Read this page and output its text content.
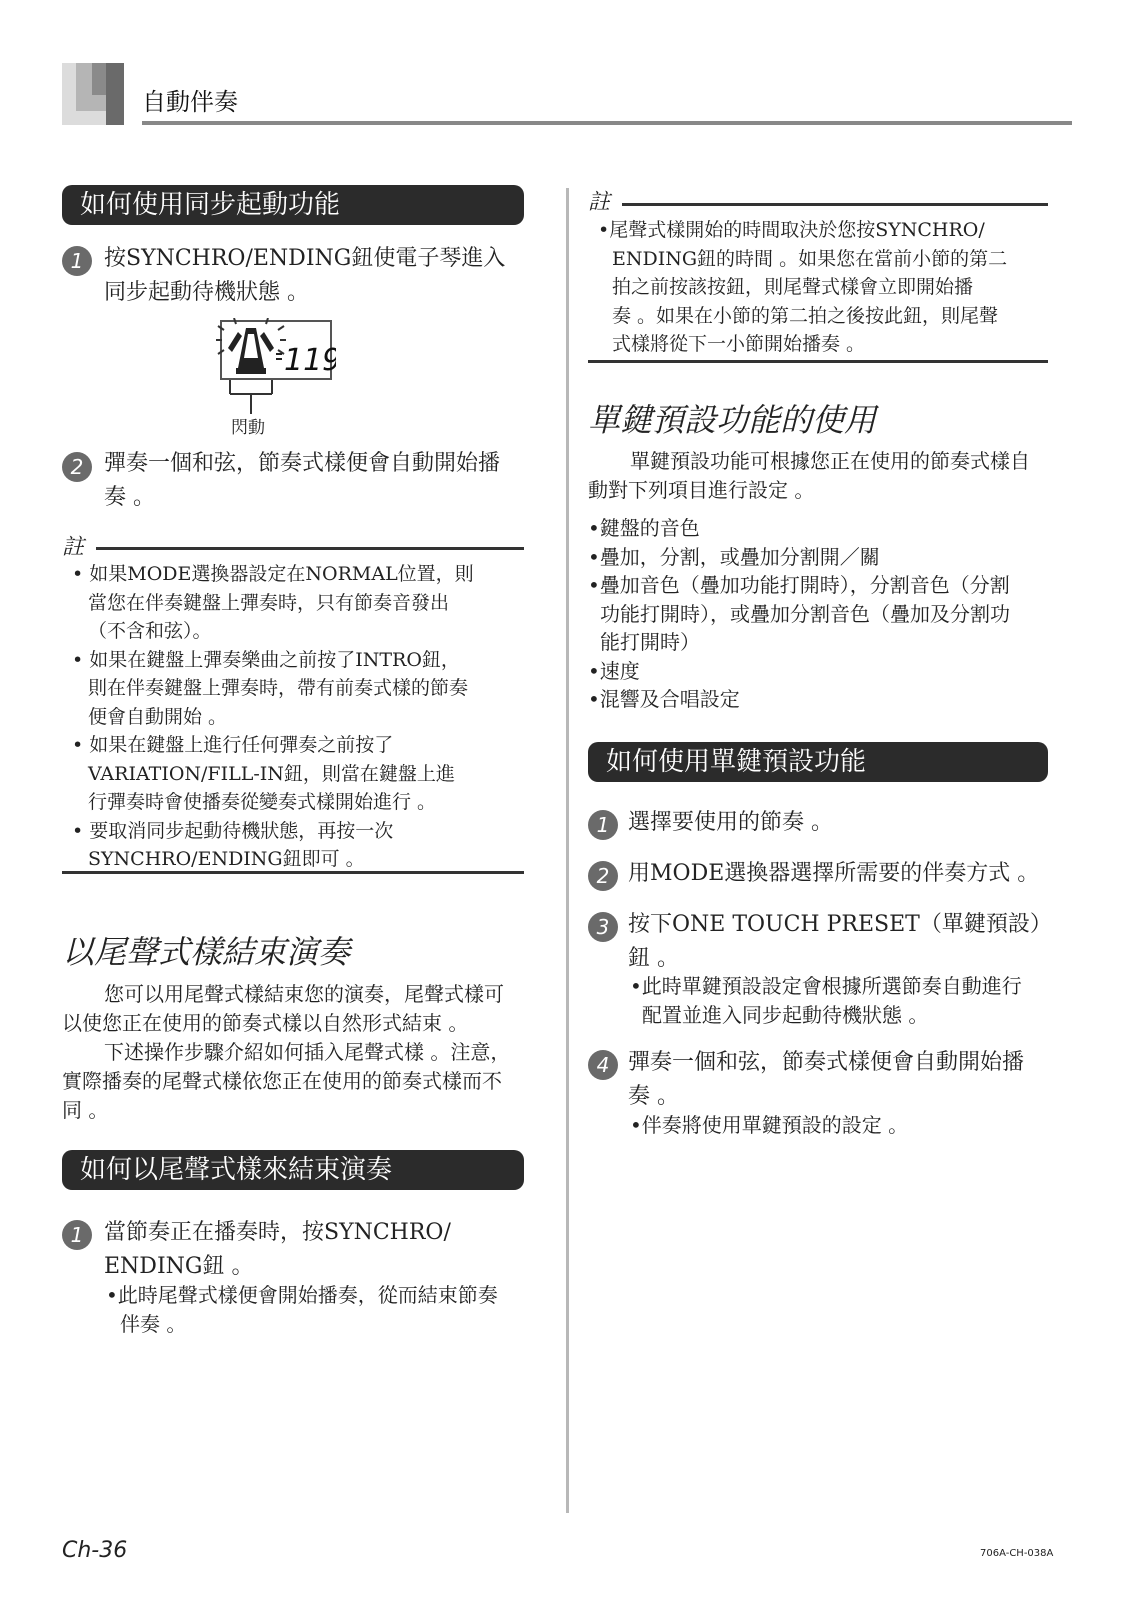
自動伴奏
如何使用同步起動功能
1 按SYNCHRO/ENDING鈕使電子琴進入
同步起動待機狀態 。
119
閃動
2 彈奏一個和弦，節奏式樣便會自動開始播
奏 。
註
• 如果MODE選換器設定在NORMAL位置，則
當您在伴奏鍵盤上彈奏時，只有節奏音發出
（不含和弦）。
• 如果在鍵盤上彈奏樂曲之前按了INTRO鈕，
則在伴奏鍵盤上彈奏時，帶有前奏式樣的節奏
便會自動開始 。
• 如果在鍵盤上進行任何彈奏之前按了
VARIATION/FILL-IN鈕，則當在鍵盤上進
行彈奏時會使播奏從變奏式樣開始進行 。
• 要取消同步起動待機狀態，再按一次
SYNCHRO/ENDING鈕即可 。
以尾聲式樣結束演奏
您可以用尾聲式樣結束您的演奏，尾聲式樣可
以使您正在使用的節奏式樣以自然形式結束 。
下述操作步驟介紹如何插入尾聲式樣 。注意，
實際播奏的尾聲式樣依您正在使用的節奏式樣而不
同 。
如何以尾聲式樣來結束演奏
1 當節奏正在播奏時，按SYNCHRO/
ENDING鈕 。
•此時尾聲式樣便會開始播奏，從而結束節奏
伴奏 。
註
•尾聲式樣開始的時間取決於您按SYNCHRO/
ENDING鈕的時間 。如果您在當前小節的第二
拍之前按該按鈕，則尾聲式樣會立即開始播
奏 。如果在小節的第二拍之後按此鈕，則尾聲
式樣將從下一小節開始播奏 。
單鍵預設功能的使用
單鍵預設功能可根據您正在使用的節奏式樣自
動對下列項目進行設定 。
•鍵盤的音色
•疊加，分割，或疊加分割開／關
•疊加音色（疊加功能打開時），分割音色（分割
功能打開時），或疊加分割音色（疊加及分割功
能打開時）
•速度
•混響及合唱設定
如何使用單鍵預設功能
1 選擇要使用的節奏 。
2 用MODE選換器選擇所需要的伴奏方式 。
3 按下ONE TOUCH PRESET（單鍵預設）
鈕 。
•此時單鍵預設設定會根據所選節奏自動進行
配置並進入同步起動待機狀態 。
4 彈奏一個和弦，節奏式樣便會自動開始播
奏 。
•伴奏將使用單鍵預設的設定 。
Ch-36	706A-CH-038A
